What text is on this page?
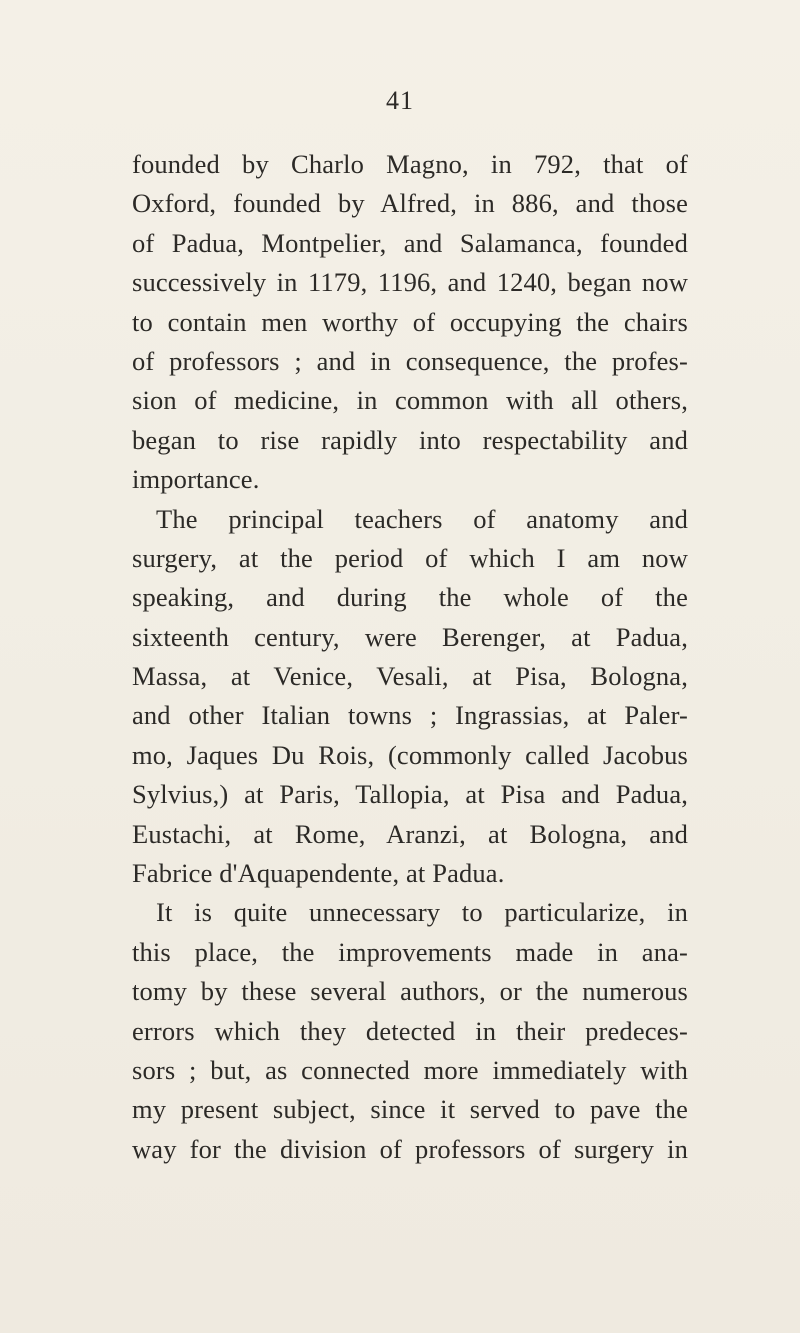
41
founded by Charlo Magno, in 792, that of
Oxford, founded by Alfred, in 886, and those
of Padua, Montpelier, and Salamanca, founded
successively in 1179, 1196, and 1240, began now
to contain men worthy of occupying the chairs
of professors ; and in consequence, the profes-
sion of medicine, in common with all others,
began to rise rapidly into respectability and
importance.
The principal teachers of anatomy and
surgery, at the period of which I am now
speaking, and during the whole of the
sixteenth century, were Berenger, at Padua,
Massa, at Venice, Vesali, at Pisa, Bologna,
and other Italian towns ; Ingrassias, at Paler-
mo, Jaques Du Rois, (commonly called Jacobus
Sylvius,) at Paris, Tallopia, at Pisa and Padua,
Eustachi, at Rome, Aranzi, at Bologna, and
Fabrice d'Aquapendente, at Padua.
It is quite unnecessary to particularize, in
this place, the improvements made in ana-
tomy by these several authors, or the numerous
errors which they detected in their predeces-
sors ; but, as connected more immediately with
my present subject, since it served to pave the
way for the division of professors of surgery in
